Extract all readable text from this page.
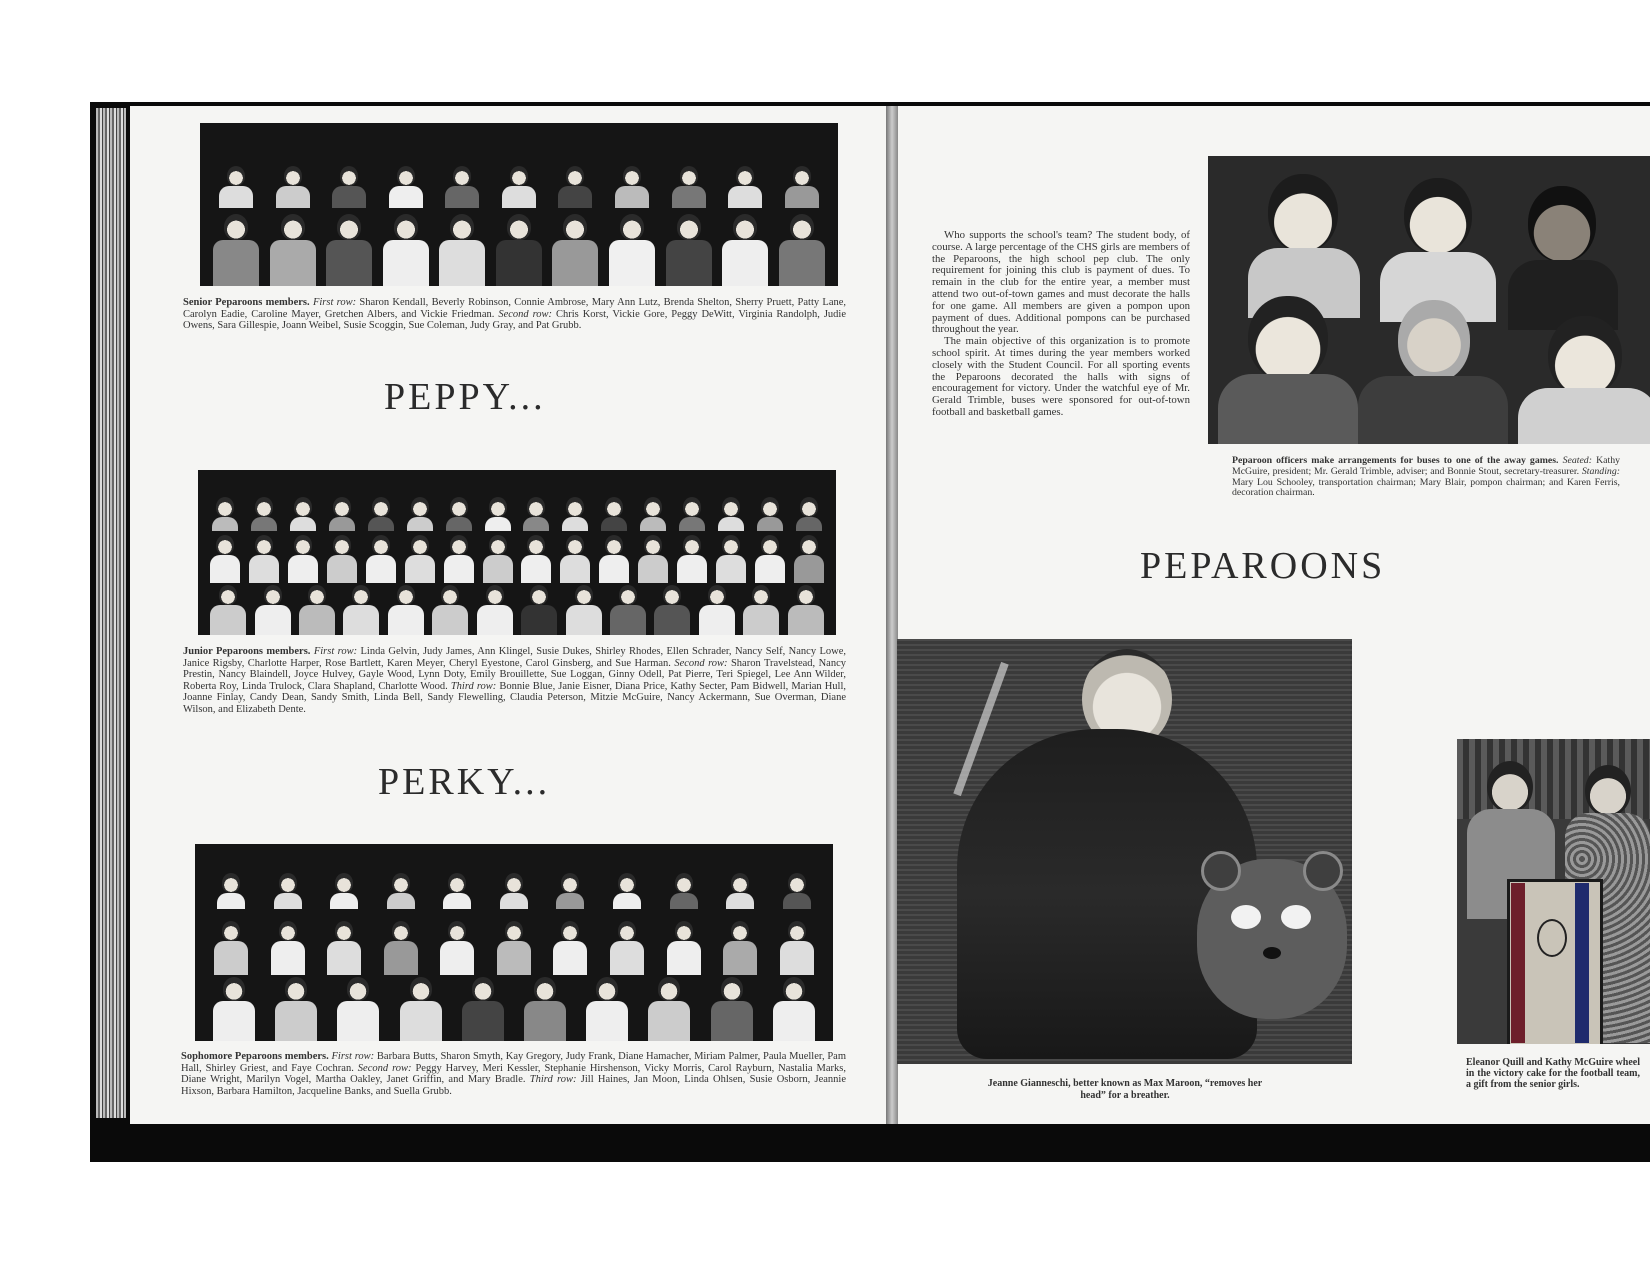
Senior Peparoons members. First row: Sharon Kendall, Beverly Robinson, Connie Ambrose, Mary Ann Lutz, Brenda Shelton, Sherry Pruett, Patty Lane, Carolyn Eadie, Caroline Mayer, Gretchen Albers, and Vickie Friedman. Second row: Chris Korst, Vickie Gore, Peggy DeWitt, Virginia Randolph, Judie Owens, Sara Gillespie, Joann Weibel, Susie Scoggin, Sue Coleman, Judy Gray, and Pat Grubb.
PEPPY...
Junior Peparoons members. First row: Linda Gelvin, Judy James, Ann Klingel, Susie Dukes, Shirley Rhodes, Ellen Schrader, Nancy Self, Nancy Lowe, Janice Rigsby, Charlotte Harper, Rose Bartlett, Karen Meyer, Cheryl Eyestone, Carol Ginsberg, and Sue Harman. Second row: Sharon Travelstead, Nancy Prestin, Nancy Blaindell, Joyce Hulvey, Gayle Wood, Lynn Doty, Emily Brouillette, Sue Loggan, Ginny Odell, Pat Pierre, Teri Spiegel, Lee Ann Wilder, Roberta Roy, Linda Trulock, Clara Shapland, Charlotte Wood. Third row: Bonnie Blue, Janie Eisner, Diana Price, Kathy Secter, Pam Bidwell, Marian Hull, Joanne Finlay, Candy Dean, Sandy Smith, Linda Bell, Sandy Flewelling, Claudia Peterson, Mitzie McGuire, Nancy Ackermann, Sue Overman, Diane Wilson, and Elizabeth Dente.
PERKY...
Sophomore Peparoons members. First row: Barbara Butts, Sharon Smyth, Kay Gregory, Judy Frank, Diane Hamacher, Miriam Palmer, Paula Mueller, Pam Hall, Shirley Griest, and Faye Cochran. Second row: Peggy Harvey, Meri Kessler, Stephanie Hirshenson, Vicky Morris, Carol Rayburn, Nastalia Marks, Diane Wright, Marilyn Vogel, Martha Oakley, Janet Griffin, and Mary Bradle. Third row: Jill Haines, Jan Moon, Linda Ohlsen, Susie Osborn, Jeannie Hixson, Barbara Hamilton, Jacqueline Banks, and Suella Grubb.
Who supports the school's team? The student body, of course. A large percentage of the CHS girls are members of the Peparoons, the high school pep club. The only requirement for joining this club is payment of dues. To remain in the club for the entire year, a member must attend two out-of-town games and must decorate the halls for one game. All members are given a pompon upon payment of dues. Additional pompons can be purchased throughout the year.
The main objective of this organization is to promote school spirit. At times during the year members worked closely with the Student Council. For all sporting events the Peparoons decorated the halls with signs of encouragement for victory. Under the watchful eye of Mr. Gerald Trimble, buses were sponsored for out-of-town football and basketball games.
Peparoon officers make arrangements for buses to one of the away games. Seated: Kathy McGuire, president; Mr. Gerald Trimble, adviser; and Bonnie Stout, secretary-treasurer. Standing: Mary Lou Schooley, transportation chairman; Mary Blair, pompon chairman; and Karen Ferris, decoration chairman.
PEPAROONS
Jeanne Gianneschi, better known as Max Maroon, “removes her head” for a breather.
Eleanor Quill and Kathy McGuire wheel in the victory cake for the football team, a gift from the senior girls.
